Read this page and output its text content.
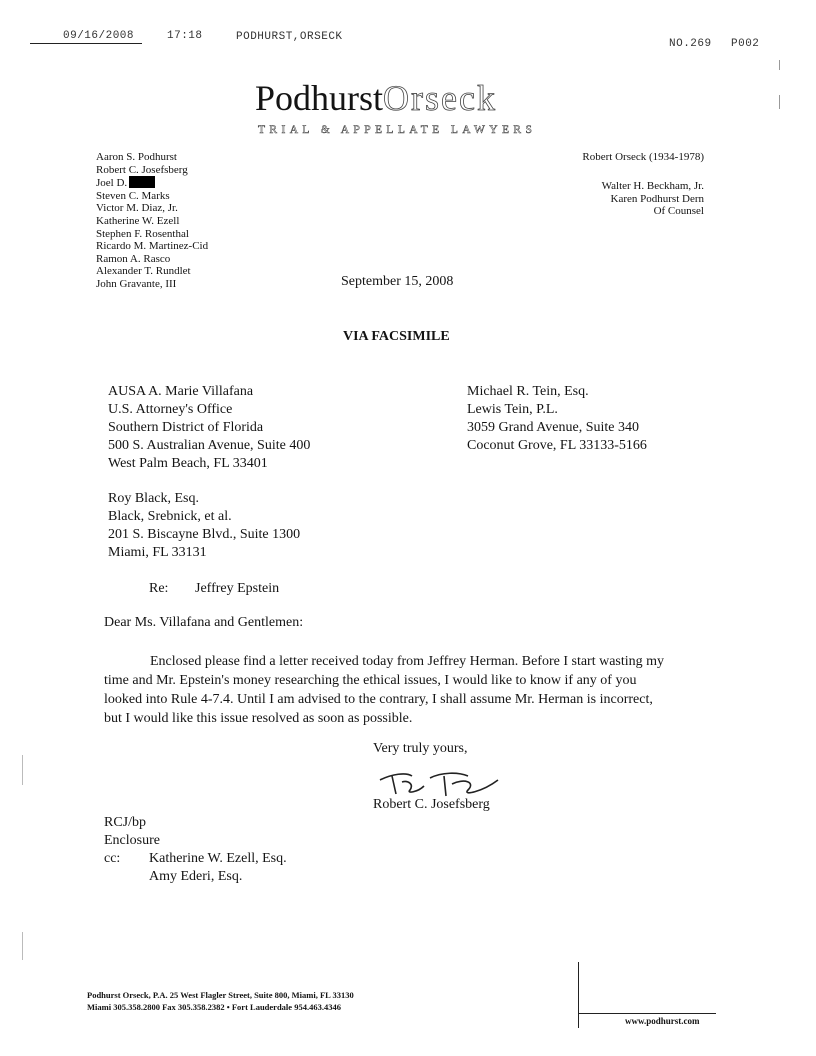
09/16/2008	17:18	PODHURST,ORSECK
NO.269 P002
PodhurstOrseck
TRIAL & APPELLATE LAWYERS
Aaron S. Podhurst
Robert C. Josefsberg
Joel D.
Steven C. Marks
Victor M. Diaz, Jr.
Katherine W. Ezell
Stephen F. Rosenthal
Ricardo M. Martinez-Cid
Ramon A. Rasco
Alexander T. Rundlet
John Gravante, III
Robert Orseck (1934-1978)
Walter H. Beckham, Jr.
Karen Podhurst Dern
Of Counsel
September 15, 2008
VIA FACSIMILE
AUSA A. Marie Villafana
U.S. Attorney's Office
Southern District of Florida
500 S. Australian Avenue, Suite 400
West Palm Beach, FL 33401
Michael R. Tein, Esq.
Lewis Tein, P.L.
3059 Grand Avenue, Suite 340
Coconut Grove, FL 33133-5166
Roy Black, Esq.
Black, Srebnick, et al.
201 S. Biscayne Blvd., Suite 1300
Miami, FL 33131
Re: Jeffrey Epstein
Dear Ms. Villafana and Gentlemen:
Enclosed please find a letter received today from Jeffrey Herman. Before I start wasting my
time and Mr. Epstein's money researching the ethical issues, I would like to know if any of you
looked into Rule 4-7.4. Until I am advised to the contrary, I shall assume Mr. Herman is incorrect,
but I would like this issue resolved as soon as possible.
Very truly yours,
Robert C. Josefsberg
RCJ/bp
Enclosure
cc: Katherine W. Ezell, Esq.
Amy Ederi, Esq.
Podhurst Orseck, P.A. 25 West Flagler Street, Suite 800, Miami, FL 33130
Miami 305.358.2800 Fax 305.358.2382 • Fort Lauderdale 954.463.4346
www.podhurst.com
